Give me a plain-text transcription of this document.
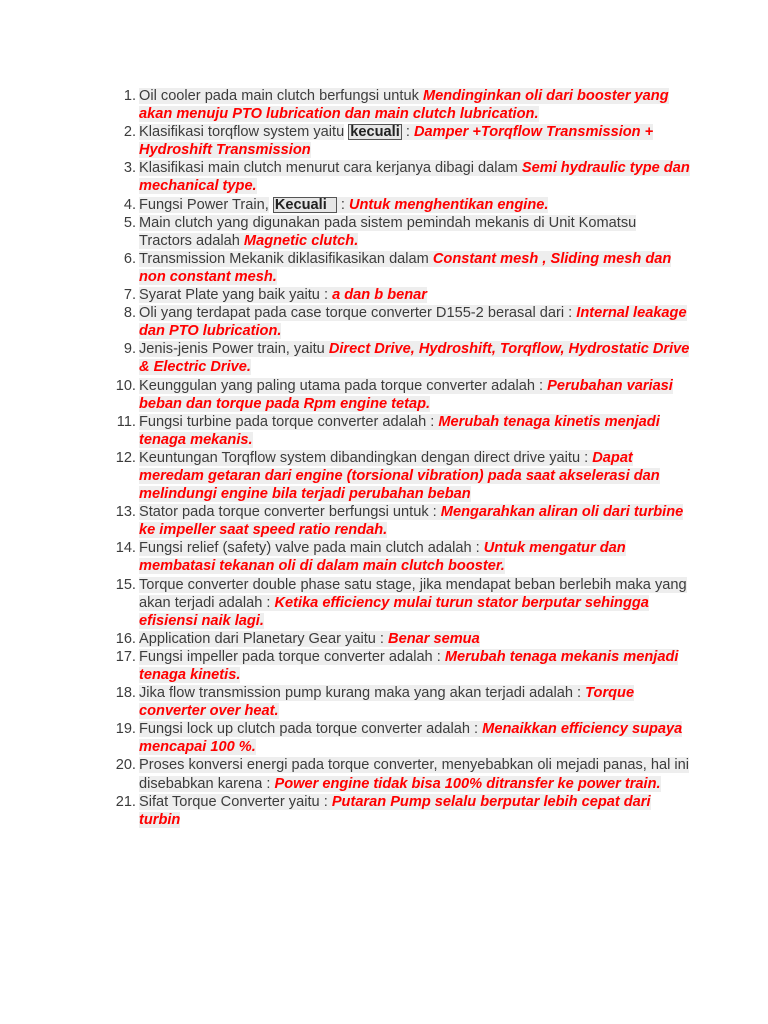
1. Oil cooler pada main clutch berfungsi untuk Mendinginkan oli dari booster yang akan menuju PTO lubrication dan main clutch lubrication.
2. Klasifikasi torqflow system yaitu kecuali : Damper +Torqflow Transmission + Hydroshift Transmission
3. Klasifikasi main clutch menurut cara kerjanya dibagi dalam Semi hydraulic type dan mechanical type.
4. Fungsi Power Train, Kecuali : Untuk menghentikan engine.
5. Main clutch yang digunakan pada sistem pemindah mekanis di Unit Komatsu Tractors adalah Magnetic clutch.
6. Transmission Mekanik diklasifikasikan dalam Constant mesh , Sliding mesh dan non constant mesh.
7. Syarat Plate yang baik yaitu : a dan b benar
8. Oli yang terdapat pada case torque converter D155-2 berasal dari : Internal leakage dan PTO lubrication.
9. Jenis-jenis Power train, yaitu Direct Drive, Hydroshift, Torqflow, Hydrostatic Drive & Electric Drive.
10. Keunggulan yang paling utama pada torque converter adalah : Perubahan variasi beban dan torque pada Rpm engine tetap.
11. Fungsi turbine pada torque converter adalah : Merubah tenaga kinetis menjadi tenaga mekanis.
12. Keuntungan Torqflow system dibandingkan dengan direct drive yaitu : Dapat meredam getaran dari engine (torsional vibration) pada saat akselerasi dan melindungi engine bila terjadi perubahan beban
13. Stator pada torque converter berfungsi untuk : Mengarahkan aliran oli dari turbine ke impeller saat speed ratio rendah.
14. Fungsi relief (safety) valve pada main clutch adalah : Untuk mengatur dan membatasi tekanan oli di dalam main clutch booster.
15. Torque converter double phase satu stage, jika mendapat beban berlebih maka yang akan terjadi adalah : Ketika efficiency mulai turun stator berputar sehingga efisiensi naik lagi.
16. Application dari Planetary Gear yaitu : Benar semua
17. Fungsi impeller pada torque converter adalah : Merubah tenaga mekanis menjadi tenaga kinetis.
18. Jika flow transmission pump kurang maka yang akan terjadi adalah : Torque converter over heat.
19. Fungsi lock up clutch pada torque converter adalah : Menaikkan efficiency supaya mencapai 100 %.
20. Proses konversi energi pada torque converter, menyebabkan oli mejadi panas, hal ini disebabkan karena : Power engine tidak bisa 100% ditransfer ke power train.
21. Sifat Torque Converter yaitu : Putaran Pump selalu berputar lebih cepat dari turbin
